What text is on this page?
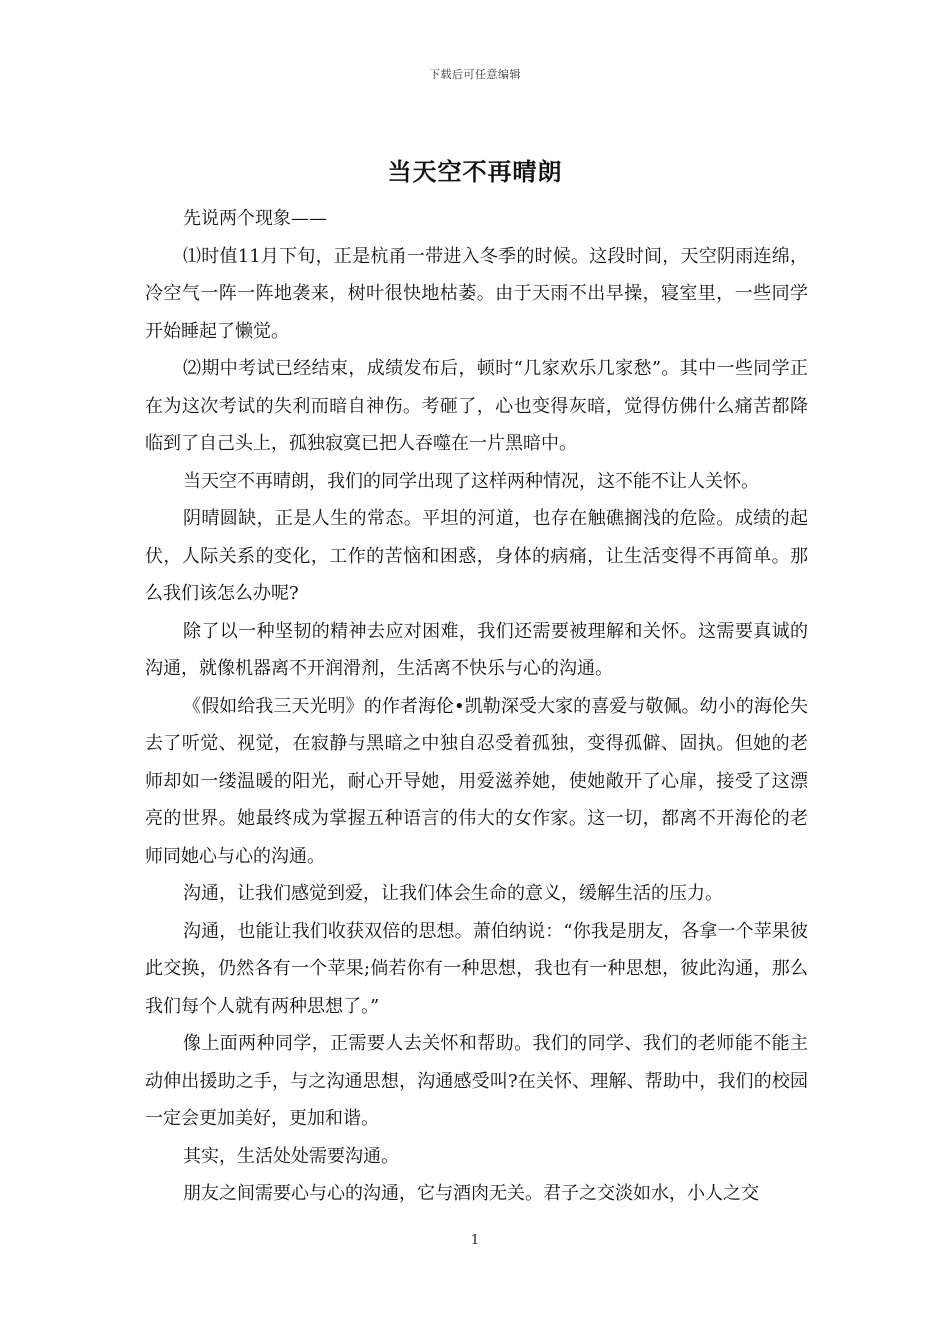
下载后可任意编辑
当天空不再晴朗

先说两个现象——

⑴时值11月下旬，正是杭甬一带进入冬季的时候。这段时间，天空阴雨连绵，冷空气一阵一阵地袭来，树叶很快地枯萎。由于天雨不出早操，寝室里，一些同学开始睡起了懒觉。

⑵期中考试已经结束，成绩发布后，顿时“几家欢乐几家愁”。其中一些同学正在为这次考试的失利而暗自神伤。考砸了，心也变得灰暗，觉得仿佛什么痛苦都降临到了自己头上，孤独寂寞已把人吞噬在一片黑暗中。

当天空不再晴朗，我们的同学出现了这样两种情况，这不能不让人关怀。

阴晴圆缺，正是人生的常态。平坦的河道，也存在触礁搁浅的危险。成绩的起伏，人际关系的变化，工作的苦恼和困惑，身体的病痛，让生活变得不再简单。那么我们该怎么办呢?

除了以一种坚韧的精神去应对困难，我们还需要被理解和关怀。这需要真诚的沟通，就像机器离不开润滑剂，生活离不快乐与心的沟通。

《假如给我三天光明》的作者海伦•凯勒深受大家的喜爱与敬佩。幼小的海伦失去了听觉、视觉，在寂静与黑暗之中独自忍受着孤独，变得孤僻、固执。但她的老师却如一缕温暖的阳光，耐心开导她，用爱滋养她，使她敞开了心扉，接受了这漂亮的世界。她最终成为掌握五种语言的伟大的女作家。这一切，都离不开海伦的老师同她心与心的沟通。

沟通，让我们感觉到爱，让我们体会生命的意义，缓解生活的压力。

沟通，也能让我们收获双倍的思想。萧伯纳说：“你我是朋友，各拿一个苹果彼此交换，仍然各有一个苹果;倘若你有一种思想，我也有一种思想，彼此沟通，那么我们每个人就有两种思想了。”

像上面两种同学，正需要人去关怀和帮助。我们的同学、我们的老师能不能主动伸出援助之手，与之沟通思想，沟通感受叫?在关怀、理解、帮助中，我们的校园一定会更加美好，更加和谐。

其实，生活处处需要沟通。

朋友之间需要心与心的沟通，它与酒肉无关。君子之交淡如水，小人之交

1
